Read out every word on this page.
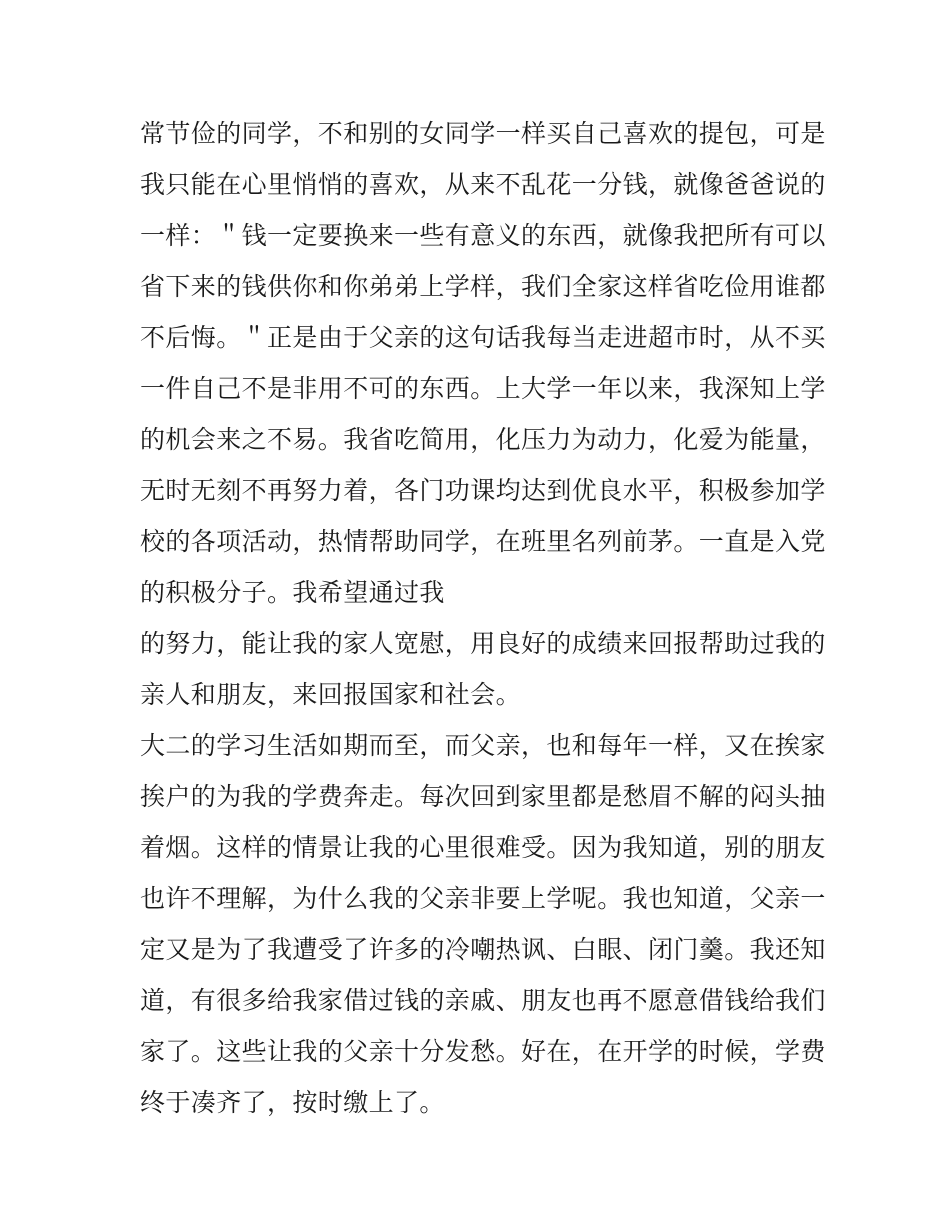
常节俭的同学，不和别的女同学一样买自己喜欢的提包，可是
我只能在心里悄悄的喜欢，从来不乱花一分钱，就像爸爸说的
一样：＂钱一定要换来一些有意义的东西，就像我把所有可以
省下来的钱供你和你弟弟上学样，我们全家这样省吃俭用谁都
不后悔。＂正是由于父亲的这句话我每当走进超市时，从不买
一件自己不是非用不可的东西。上大学一年以来，我深知上学
的机会来之不易。我省吃简用，化压力为动力，化爱为能量，
无时无刻不再努力着，各门功课均达到优良水平，积极参加学
校的各项活动，热情帮助同学，在班里名列前茅。一直是入党
的积极分子。我希望通过我
的努力，能让我的家人宽慰，用良好的成绩来回报帮助过我的
亲人和朋友，来回报国家和社会。
大二的学习生活如期而至，而父亲，也和每年一样，又在挨家
挨户的为我的学费奔走。每次回到家里都是愁眉不解的闷头抽
着烟。这样的情景让我的心里很难受。因为我知道，别的朋友
也许不理解，为什么我的父亲非要上学呢。我也知道，父亲一
定又是为了我遭受了许多的冷嘲热讽、白眼、闭门羹。我还知
道，有很多给我家借过钱的亲戚、朋友也再不愿意借钱给我们
家了。这些让我的父亲十分发愁。好在，在开学的时候，学费
终于凑齐了，按时缴上了。
